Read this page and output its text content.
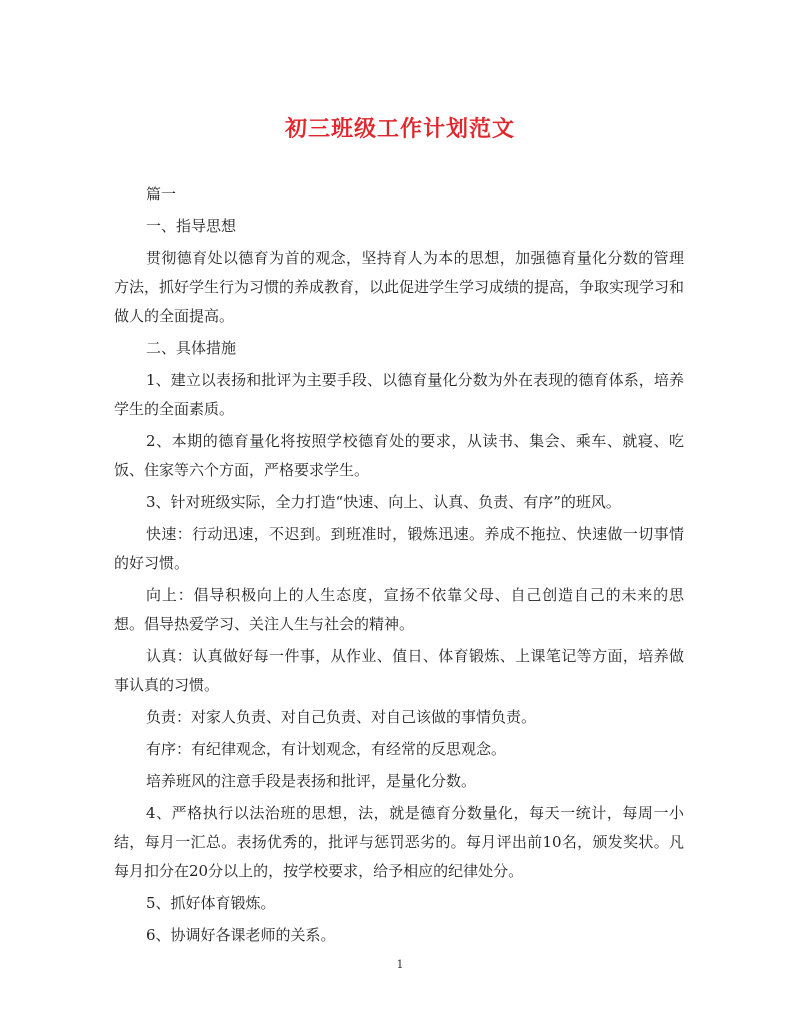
初三班级工作计划范文

篇一

一、指导思想

贯彻德育处以德育为首的观念，坚持育人为本的思想，加强德育量化分数的管理方法，抓好学生行为习惯的养成教育，以此促进学生学习成绩的提高，争取实现学习和做人的全面提高。

二、具体措施

1、建立以表扬和批评为主要手段、以德育量化分数为外在表现的德育体系，培养学生的全面素质。

2、本期的德育量化将按照学校德育处的要求，从读书、集会、乘车、就寝、吃饭、住家等六个方面，严格要求学生。

3、针对班级实际，全力打造“快速、向上、认真、负责、有序”的班风。

快速：行动迅速，不迟到。到班准时，锻炼迅速。养成不拖拉、快速做一切事情的好习惯。

向上：倡导积极向上的人生态度，宣扬不依靠父母、自己创造自己的未来的思想。倡导热爱学习、关注人生与社会的精神。

认真：认真做好每一件事，从作业、值日、体育锻炼、上课笔记等方面，培养做事认真的习惯。

负责：对家人负责、对自己负责、对自己该做的事情负责。

有序：有纪律观念，有计划观念，有经常的反思观念。

培养班风的注意手段是表扬和批评，是量化分数。

4、严格执行以法治班的思想，法，就是德育分数量化，每天一统计，每周一小结，每月一汇总。表扬优秀的，批评与惩罚恶劣的。每月评出前10名，颁发奖状。凡每月扣分在20分以上的，按学校要求，给予相应的纪律处分。

5、抓好体育锻炼。

6、协调好各课老师的关系。

1
